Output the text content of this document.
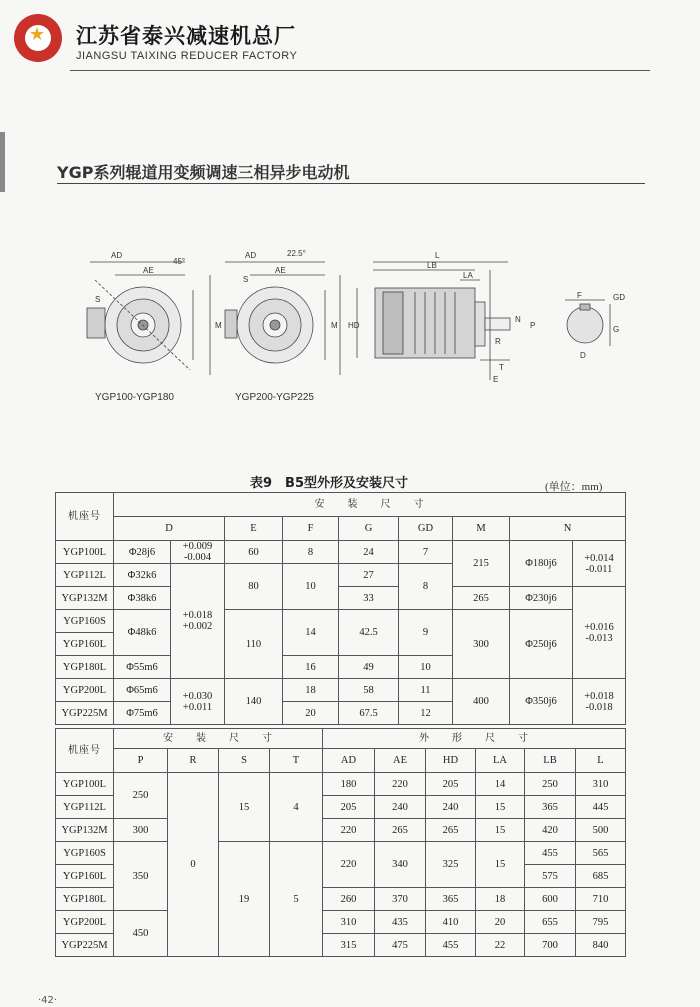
★ 江苏省泰兴减速机总厂
JIANGSU TAIXING REDUCER FACTORY
YGP系列辊道用变频调速三相异步电动机
AD
AE
45°
M
S
AD
AE
22.5°
M
S
L
LB
LA
HD
N
P
R
T
E
F	GD
G
D
YGP100-YGP180	YGP200-YGP225
表9　B5型外形及安装尺寸	(单位：mm)
机座号	安　　装　　尺　　寸								
	D		E	F	G	GD	M	N	
YGP100L	Φ28j6	+0.009 -0.004	60	8	24	7	215	Φ180j6	+0.014 -0.011
YGP112L	Φ32k6	+0.018 +0.002	80	10	27	8			
YGP132M	Φ38k6				33		265	Φ230j6	+0.016 -0.013
YGP160S	Φ48k6		110	14	42.5	9	300	Φ250j6	
YGP160L									
YGP180L	Φ55m6			16	49	10			
YGP200L	Φ65m6	+0.030 +0.011	140	18	58	11	400	Φ350j6	+0.018 -0.018
YGP225M	Φ75m6			20	67.5	12			
机座号	安　　装　　尺　　寸				外　　形　　尺　　寸					
	P	R	S	T	AD	AE	HD	LA	LB	L
YGP100L	250	0	15	4	180	220	205	14	250	310
YGP112L					205	240	240	15	365	445
YGP132M	300				220	265	265	15	420	500
YGP160S	350		19	5	220	340	325	15	455	565
YGP160L									575	685
YGP180L					260	370	365	18	600	710
YGP200L	450				310	435	410	20	655	795
YGP225M					315	475	455	22	700	840
·42·
